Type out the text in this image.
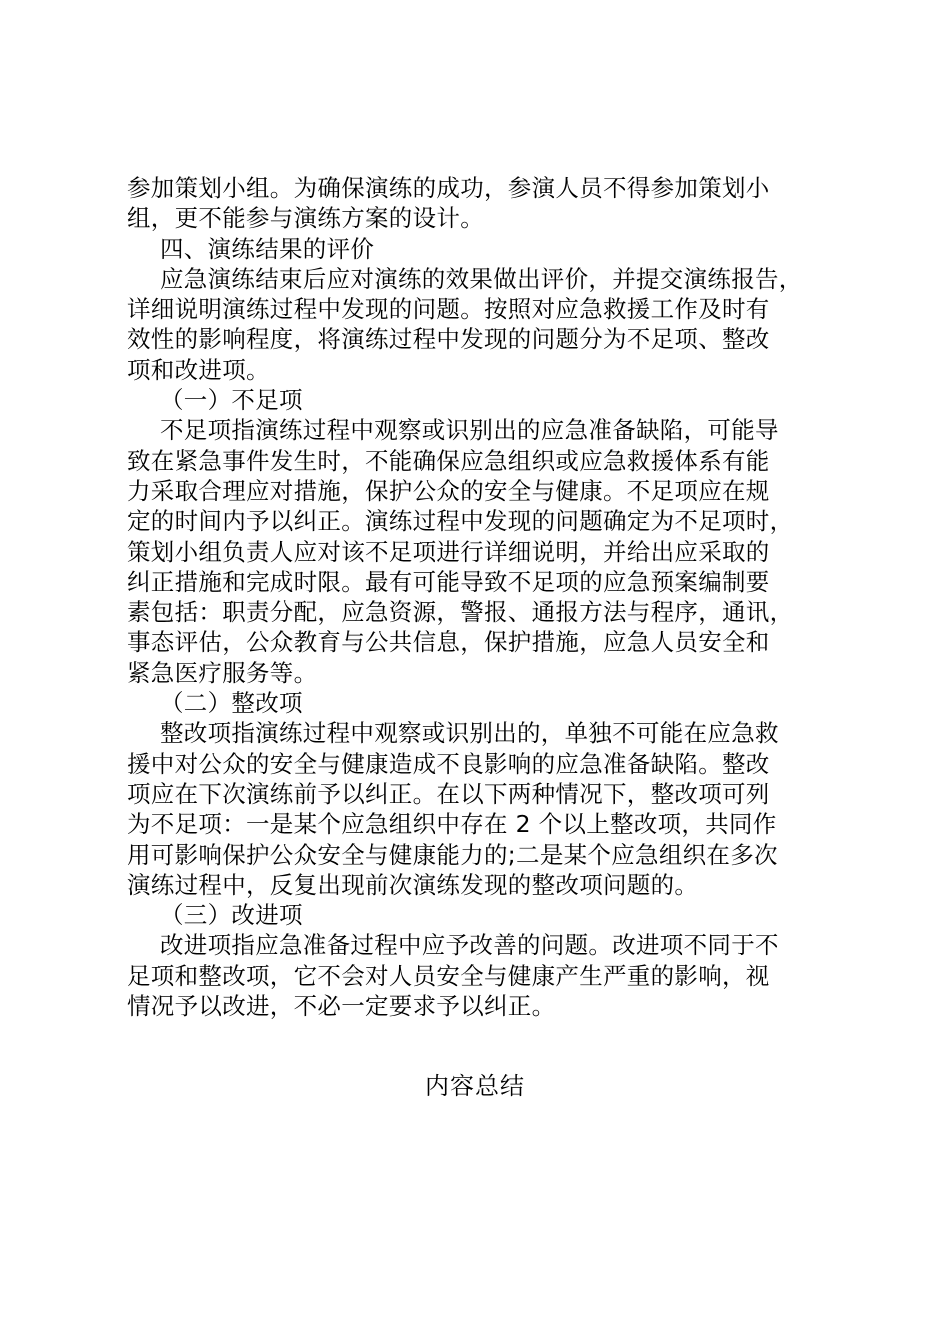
参加策划小组。为确保演练的成功，参演人员不得参加策划小
组，更不能参与演练方案的设计。
四、演练结果的评价
应急演练结束后应对演练的效果做出评价，并提交演练报告，
详细说明演练过程中发现的问题。按照对应急救援工作及时有
效性的影响程度，将演练过程中发现的问题分为不足项、整改
项和改进项。
（一）不足项
不足项指演练过程中观察或识别出的应急准备缺陷，可能导
致在紧急事件发生时，不能确保应急组织或应急救援体系有能
力采取合理应对措施，保护公众的安全与健康。不足项应在规
定的时间内予以纠正。演练过程中发现的问题确定为不足项时，
策划小组负责人应对该不足项进行详细说明，并给出应采取的
纠正措施和完成时限。最有可能导致不足项的应急预案编制要
素包括：职责分配，应急资源，警报、通报方法与程序，通讯，
事态评估，公众教育与公共信息，保护措施，应急人员安全和
紧急医疗服务等。
（二）整改项
整改项指演练过程中观察或识别出的，单独不可能在应急救
援中对公众的安全与健康造成不良影响的应急准备缺陷。整改
项应在下次演练前予以纠正。在以下两种情况下，整改项可列
为不足项：一是某个应急组织中存在 2 个以上整改项，共同作
用可影响保护公众安全与健康能力的;二是某个应急组织在多次
演练过程中，反复出现前次演练发现的整改项问题的。
（三）改进项
改进项指应急准备过程中应予改善的问题。改进项不同于不
足项和整改项，它不会对人员安全与健康产生严重的影响，视
情况予以改进，不必一定要求予以纠正。
内容总结
